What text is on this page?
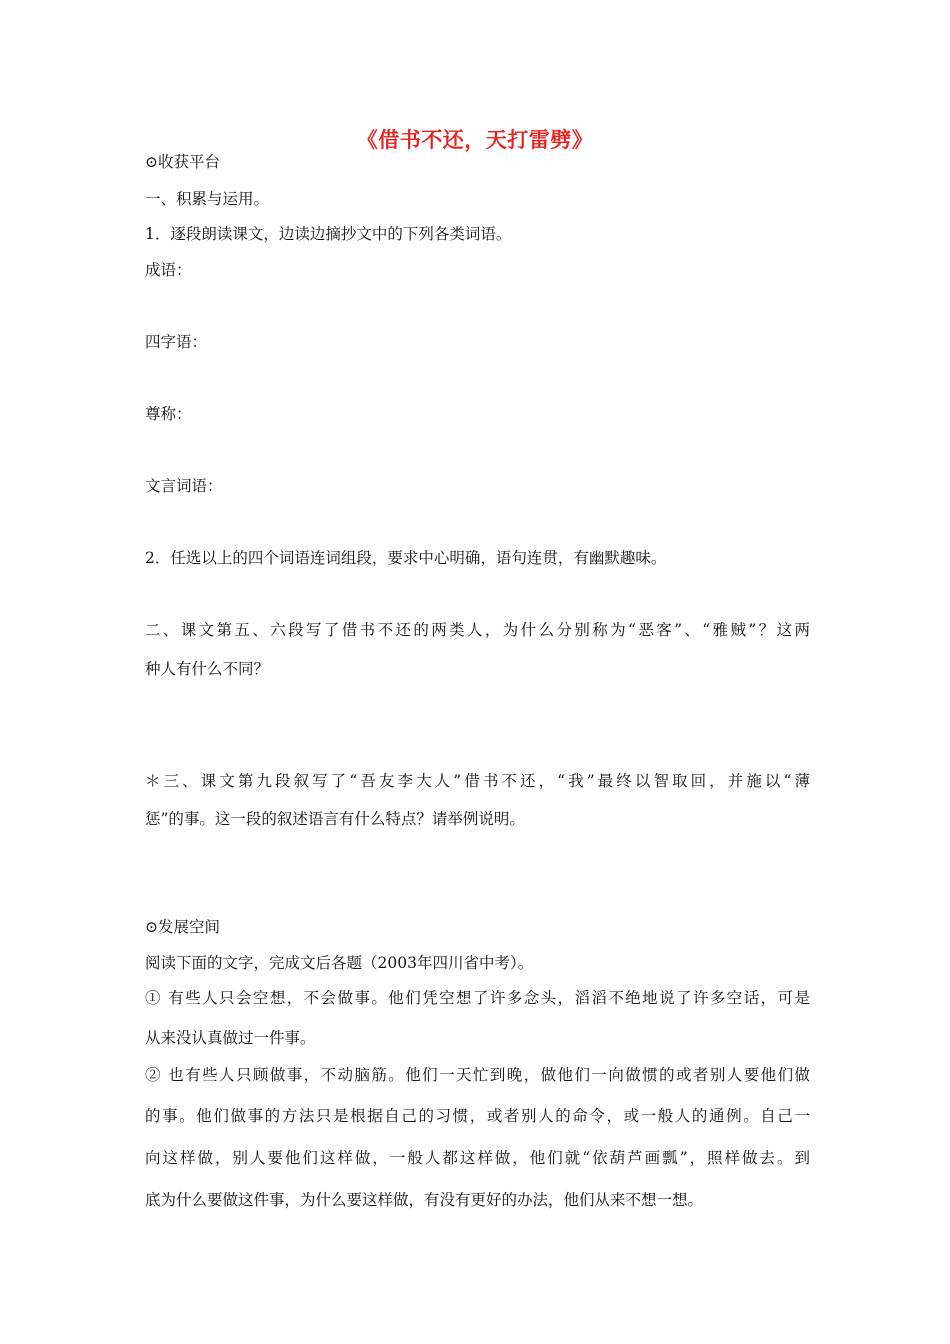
《借书不还，天打雷劈》
⊙收获平台
一、积累与运用。
1．逐段朗读课文，边读边摘抄文中的下列各类词语。
成语：
四字语：
尊称：
文言词语：
2．任选以上的四个词语连词组段，要求中心明确，语句连贯，有幽默趣味。
二、课文第五、六段写了借书不还的两类人，为什么分别称为“恶客”、“雅贼”？这两
种人有什么不同？
＊三、课文第九段叙写了“吾友李大人”借书不还，“我”最终以智取回，并施以“薄
惩”的事。这一段的叙述语言有什么特点？请举例说明。
⊙发展空间
阅读下面的文字，完成文后各题（2003年四川省中考）。
① 有些人只会空想，不会做事。他们凭空想了许多念头，滔滔不绝地说了许多空话，可是
从来没认真做过一件事。
② 也有些人只顾做事，不动脑筋。他们一天忙到晚，做他们一向做惯的或者别人要他们做
的事。他们做事的方法只是根据自己的习惯，或者别人的命令，或一般人的通例。自己一
向这样做，别人要他们这样做，一般人都这样做，他们就“依葫芦画瓢”，照样做去。到
底为什么要做这件事，为什么要这样做，有没有更好的办法，他们从来不想一想。
